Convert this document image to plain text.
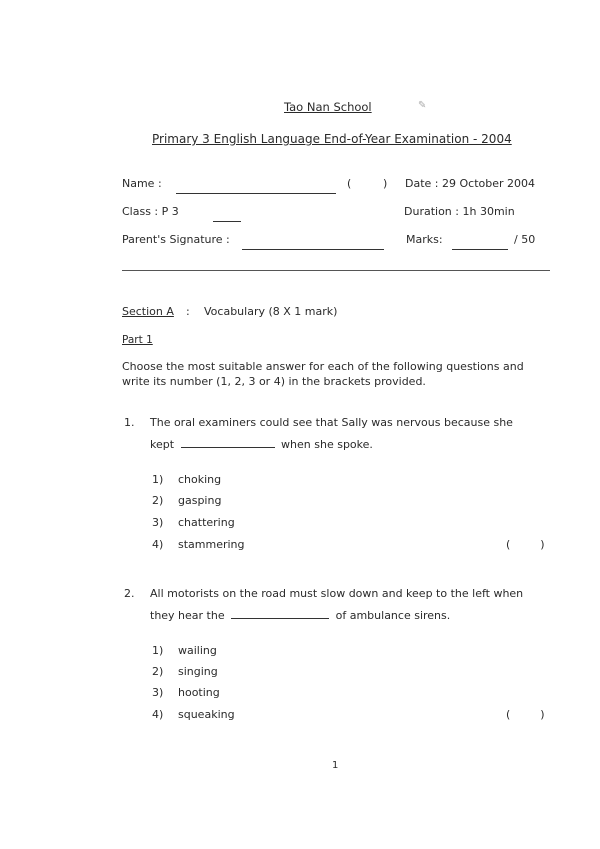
Tao Nan School	✎
Primary 3 English Language End-of-Year Examination - 2004
Name :	(	) Date : 29 October 2004
Class : P 3	Duration : 1h 30min
Parent's Signature :	Marks:	/ 50
Section A : Vocabulary (8 X 1 mark)
Part 1
Choose the most suitable answer for each of the following questions and
write its number (1, 2, 3 or 4) in the brackets provided.
1. The oral examiners could see that Sally was nervous because she
kept	when she spoke.
1) choking
2) gasping
3) chattering
4) stammering	(	)
2. All motorists on the road must slow down and keep to the left when
they hear the	of ambulance sirens.
1) wailing
2) singing
3) hooting
4) squeaking	(	)
1
